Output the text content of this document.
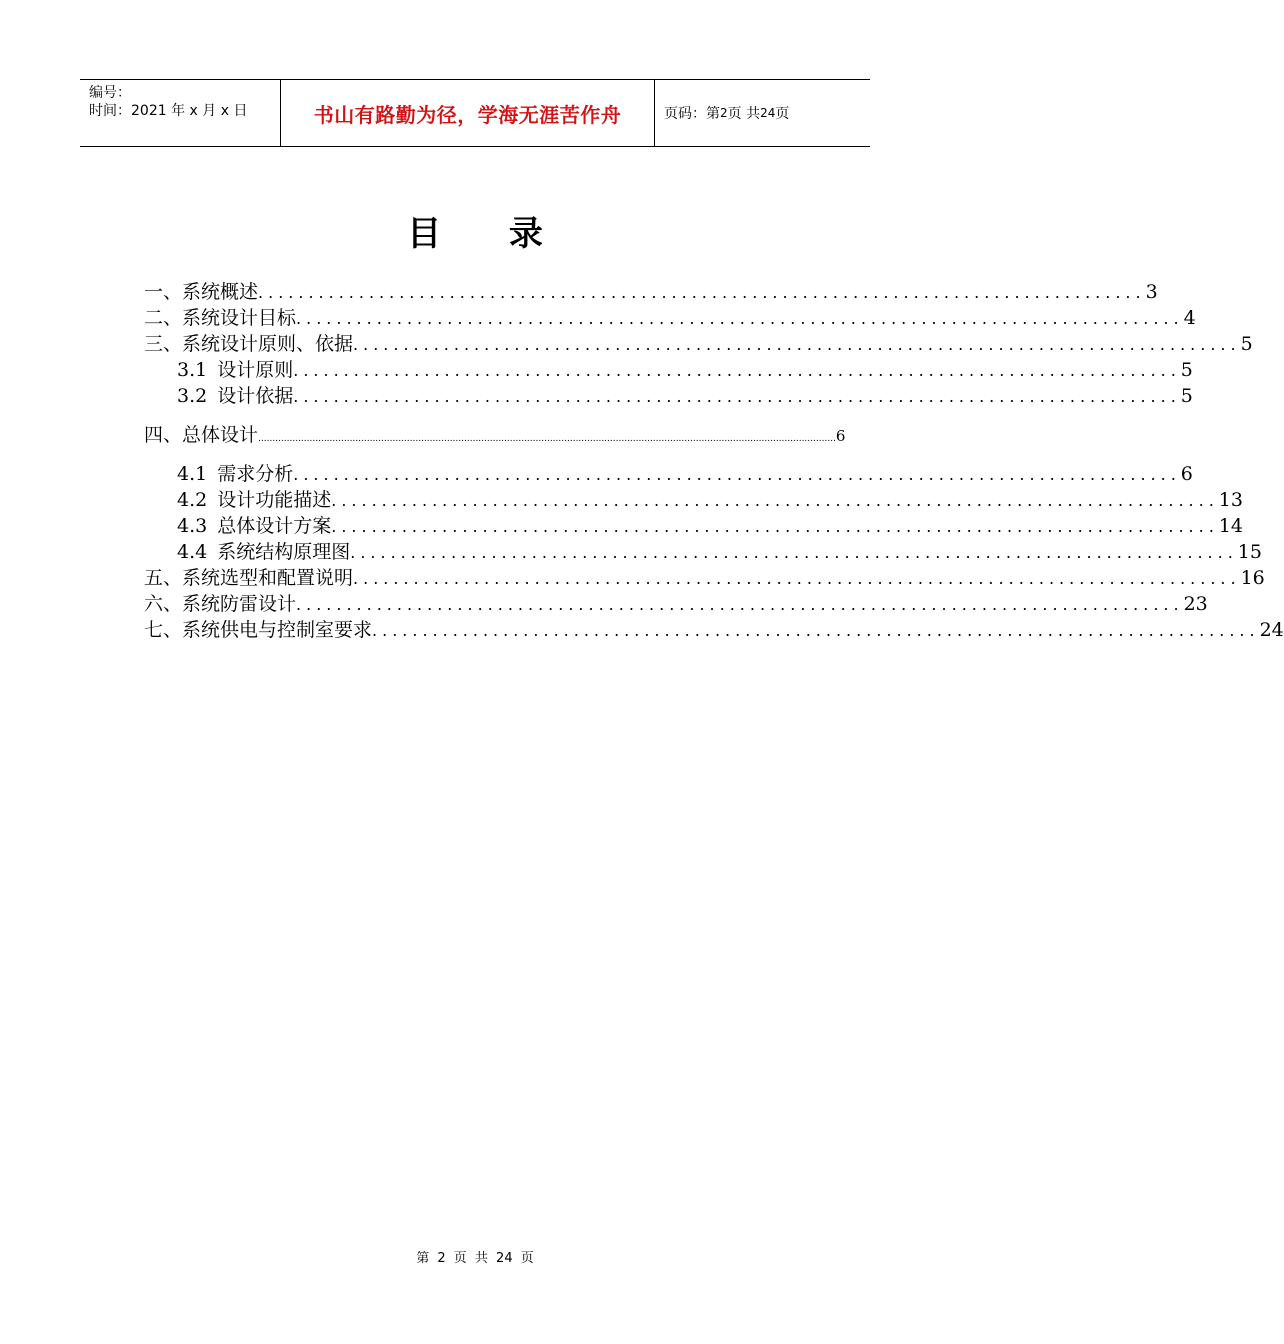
编号：
时间：2021 年 x 月 x 日	书山有路勤为径，学海无涯苦作舟	页码：第 2 页 共 24 页
目 录
一、系统概述 ........................................................................................ 3
二、系统设计目标 ........................................................................................ 4
三、系统设计原则、依据 ........................................................................................ 5
3.1 设计原则 ........................................................................................ 5
3.2 设计依据 ........................................................................................ 5
四、总体设计 .......................................................................................................................................................................................................... 6
4.1 需求分析 ........................................................................................ 6
4.2 设计功能描述 ........................................................................................ 13
4.3 总体设计方案 ........................................................................................ 14
4.4 系统结构原理图 ........................................................................................ 15
五、系统选型和配置说明 ........................................................................................ 16
六、系统防雷设计 ........................................................................................ 23
七、系统供电与控制室要求 ........................................................................................ 24
第 2 页 共 24 页
